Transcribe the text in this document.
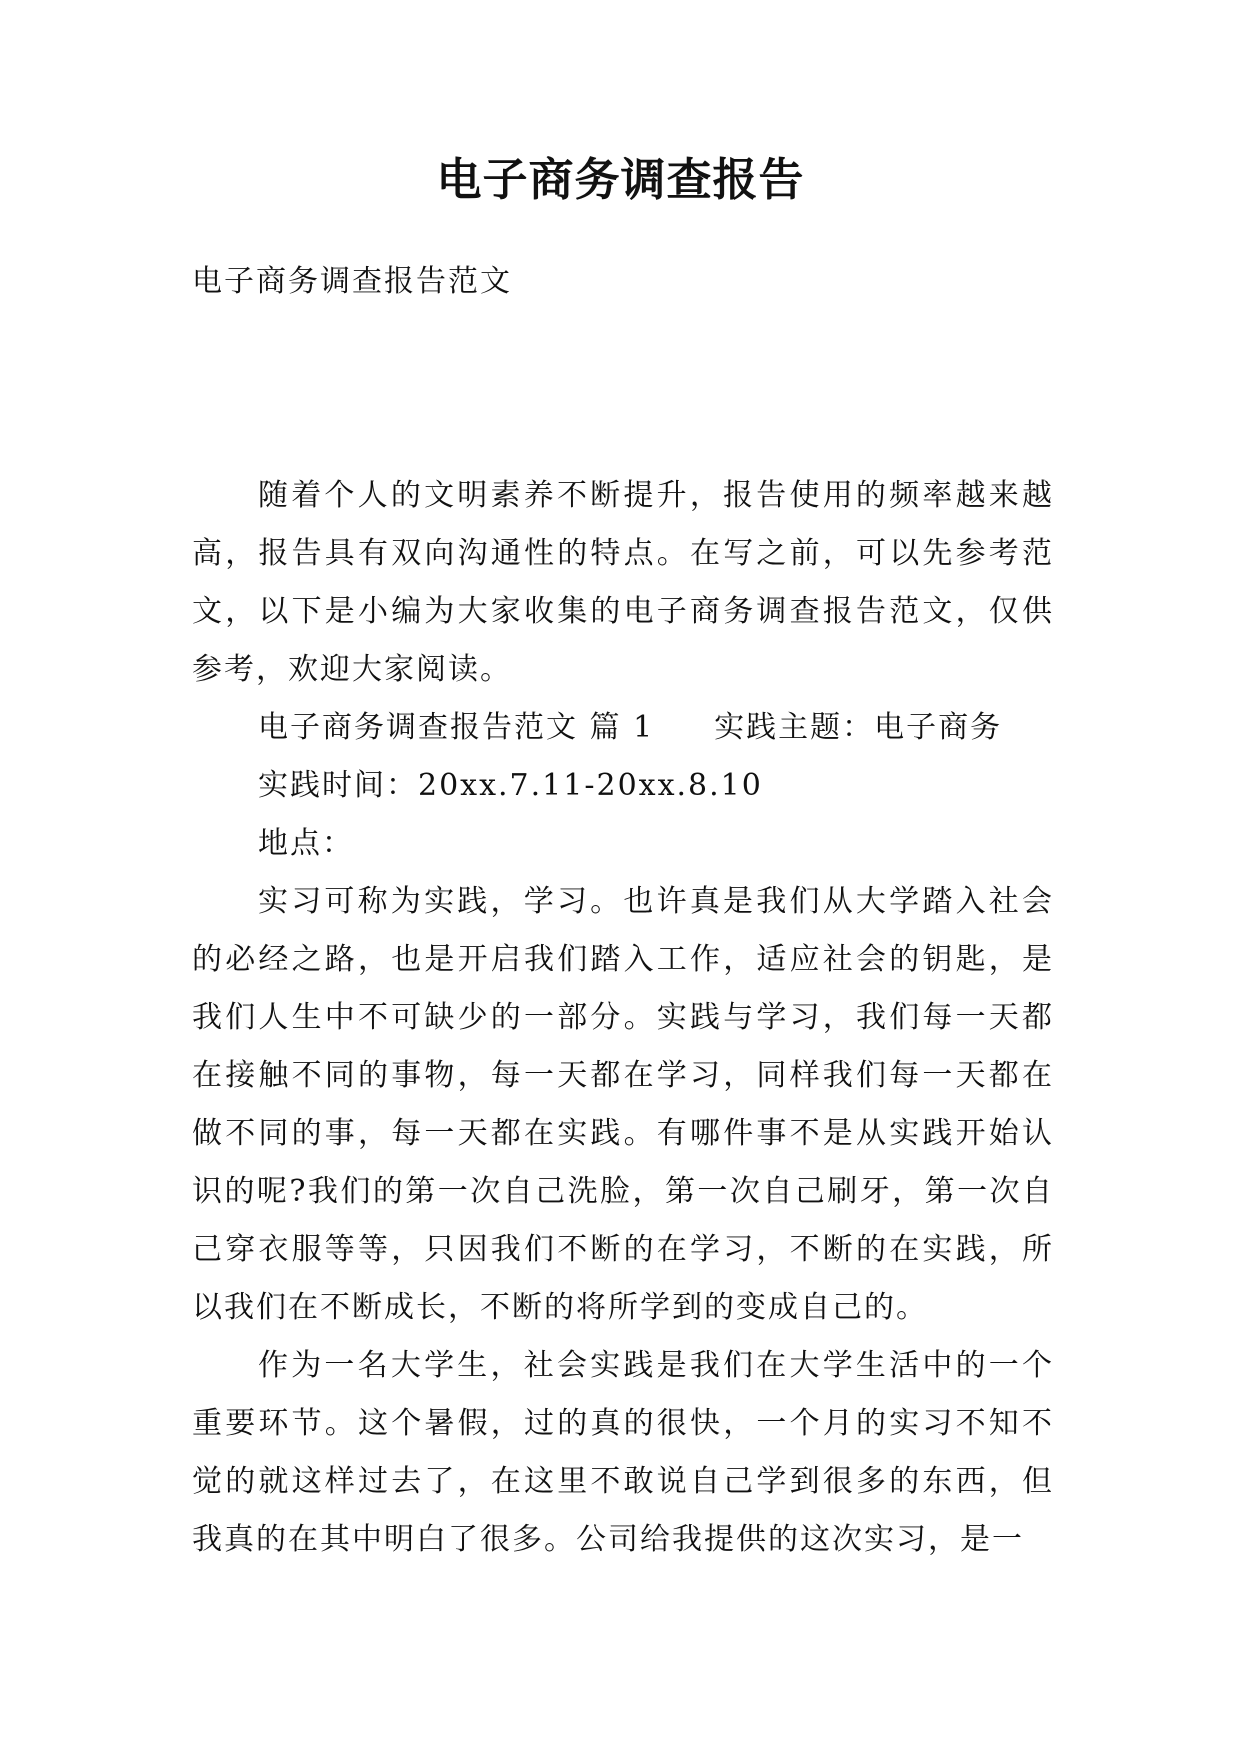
电子商务调查报告
电子商务调查报告范文

随着个人的文明素养不断提升，报告使用的频率越来越高，报告具有双向沟通性的特点。在写之前，可以先参考范文，以下是小编为大家收集的电子商务调查报告范文，仅供参考，欢迎大家阅读。

电子商务调查报告范文 篇 1 实践主题：电子商务

实践时间：20xx.7.11-20xx.8.10

地点：

实习可称为实践，学习。也许真是我们从大学踏入社会的必经之路，也是开启我们踏入工作，适应社会的钥匙，是我们人生中不可缺少的一部分。实践与学习，我们每一天都在接触不同的事物，每一天都在学习，同样我们每一天都在做不同的事，每一天都在实践。有哪件事不是从实践开始认识的呢?我们的第一次自己洗脸，第一次自己刷牙，第一次自己穿衣服等等，只因我们不断的在学习，不断的在实践，所以我们在不断成长，不断的将所学到的变成自己的。

作为一名大学生，社会实践是我们在大学生活中的一个重要环节。这个暑假，过的真的很快，一个月的实习不知不觉的就这样过去了，在这里不敢说自己学到很多的东西，但我真的在其中明白了很多。公司给我提供的这次实习，是一
